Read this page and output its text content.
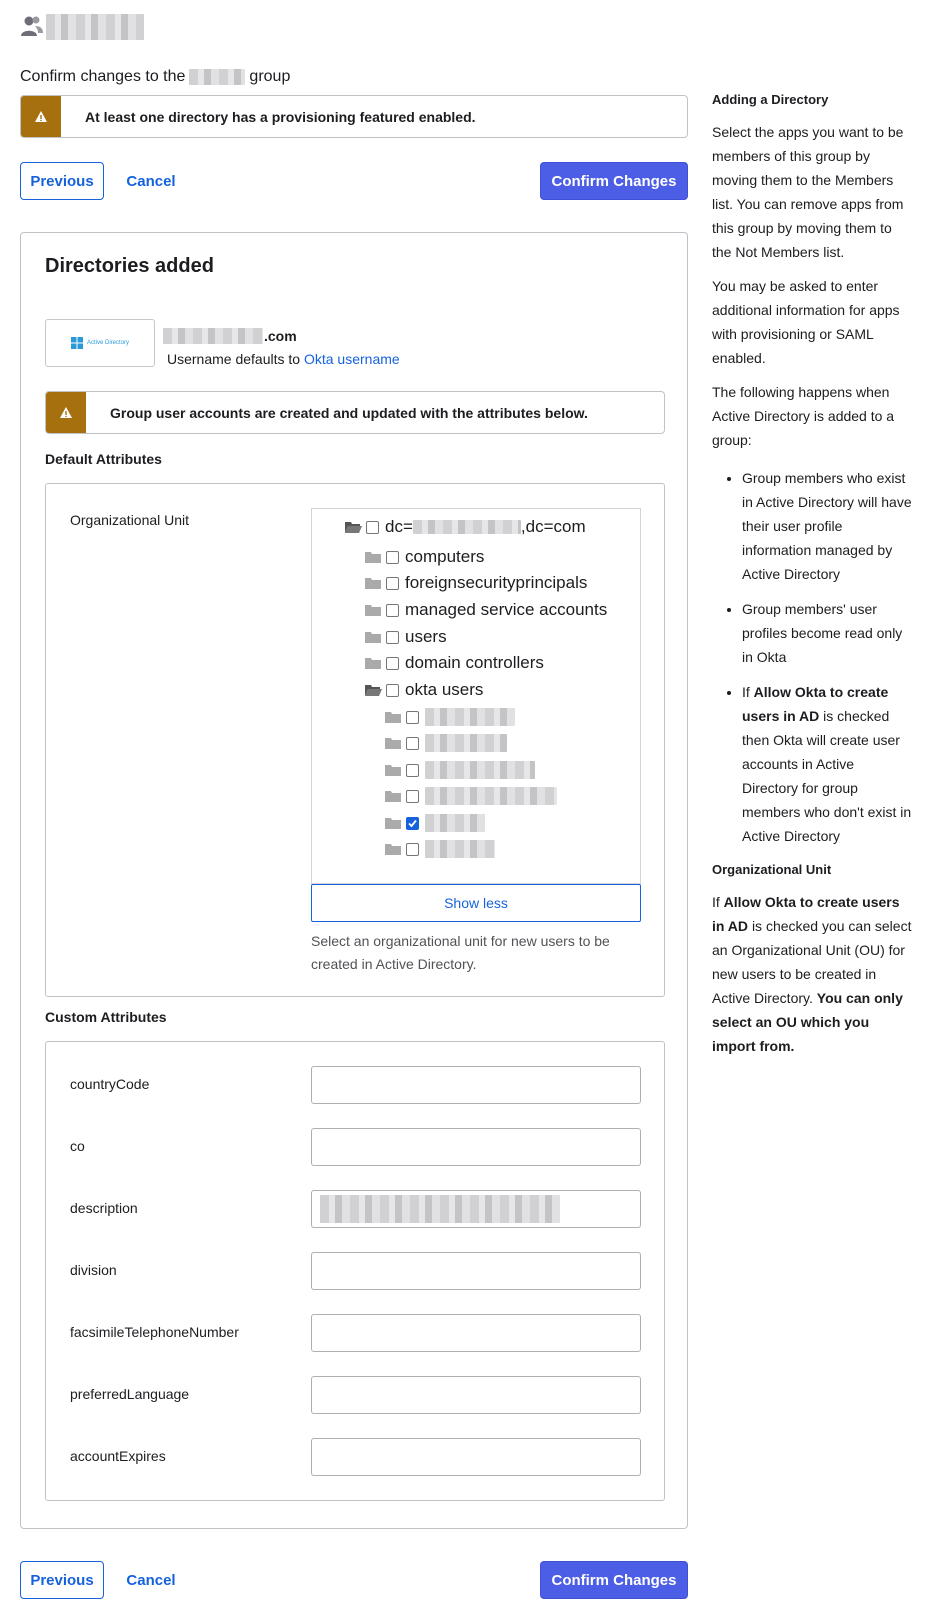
Confirm changes to the	group
At least one directory has a provisioning featured enabled.
Previous	Cancel	Confirm Changes
Directories added
Active Directory	.com
Username defaults to Okta username
Group user accounts are created and updated with the attributes below.
Default Attributes
Organizational Unit	dc=	,dc=com
computers
foreignsecurityprincipals
managed service accounts
users
domain controllers
okta users
Show less
Select an organizational unit for new users to be created in Active Directory.
Custom Attributes
countryCode
co
description
division
facsimileTelephoneNumber
preferredLanguage
accountExpires
Previous	Cancel	Confirm Changes
Adding a Directory

Select the apps you want to be members of this group by moving them to the Members list. You can remove apps from this group by moving them to the Not Members list.

You may be asked to enter additional information for apps with provisioning or SAML enabled.

The following happens when Active Directory is added to a group:

• Group members who exist in Active Directory will have their user profile information managed by Active Directory
• Group members' user profiles become read only in Okta
• If Allow Okta to create users in AD is checked then Okta will create user accounts in Active Directory for group members who don't exist in Active Directory
Organizational Unit

If Allow Okta to create users in AD is checked you can select an Organizational Unit (OU) for new users to be created in Active Directory. You can only select an OU which you import from.
